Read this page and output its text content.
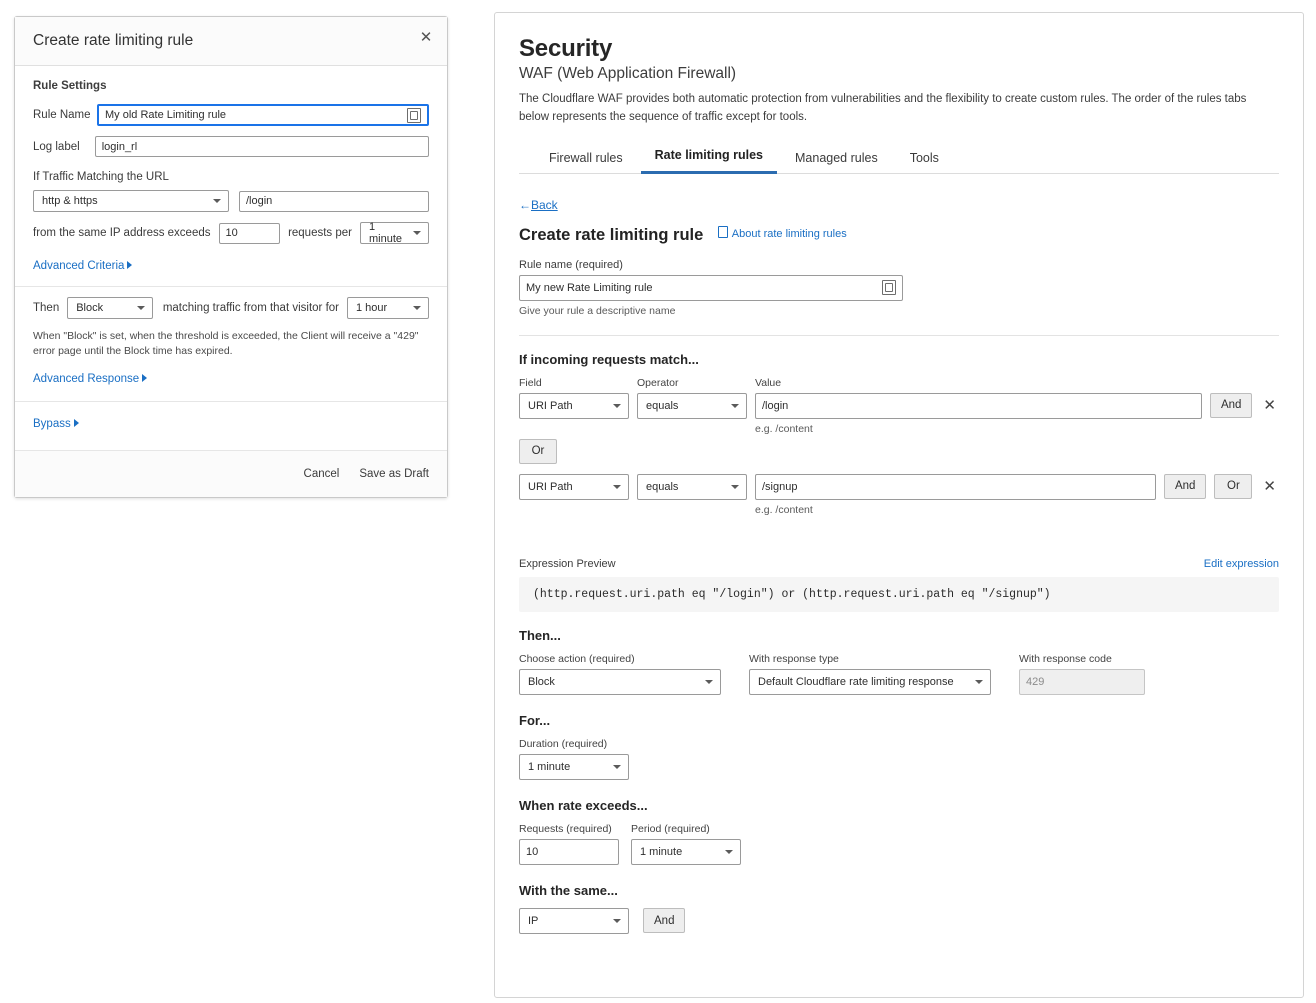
Create rate limiting rule	✕
Rule Settings
Rule Name My old Rate Limiting rule
Log label	login_rl
If Traffic Matching the URL
http & https	/login
from the same IP address exceeds 10	requests per 1 minute
Advanced Criteria
Then Block	matching traffic from that visitor for 1 hour
When "Block" is set, when the threshold is exceeded, the Client will receive a "429" error page until the Block time has expired.
Advanced Response
Bypass
Cancel Save as Draft
Security
WAF (Web Application Firewall)
The Cloudflare WAF provides both automatic protection from vulnerabilities and the flexibility to create custom rules. The order of the rules tabs below represents the sequence of traffic except for tools.
Firewall rules	Rate limiting rules	Managed rules	Tools
←Back
Create rate limiting rule	About rate limiting rules
Rule name (required)
My new Rate Limiting rule
Give your rule a descriptive name
If incoming requests match...
Field	Operator	Value
URI Path	equals	/login
e.g. /content
And	✕
Or
URI Path	equals	/signup
e.g. /content
And	Or	✕
Expression Preview	Edit expression
(http.request.uri.path eq "/login") or (http.request.uri.path eq "/signup")
Then...
Choose action (required)
Block
With response type
Default Cloudflare rate limiting response
With response code
429
For...
Duration (required)
1 minute
When rate exceeds...
Requests (required)
10
Period (required)
1 minute
With the same...
IP	And
